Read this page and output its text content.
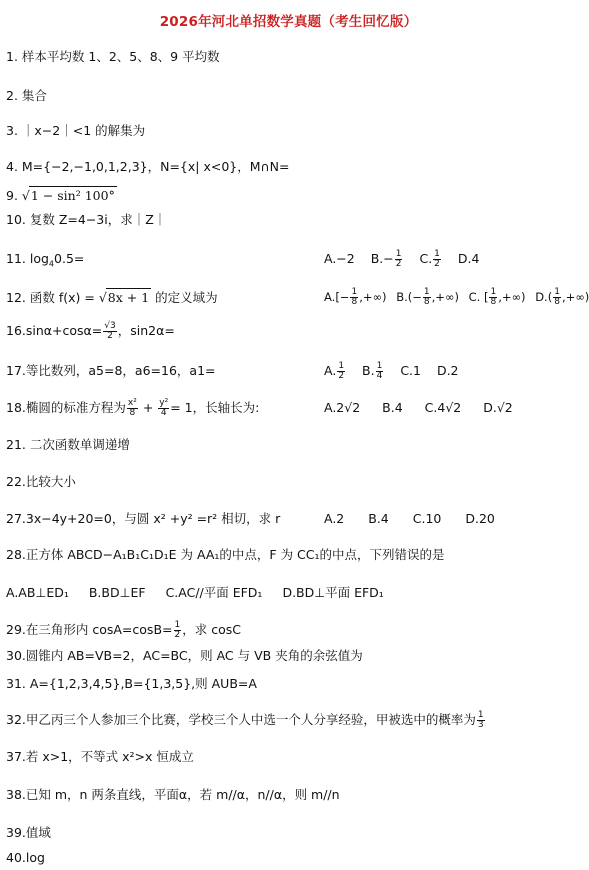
2026年河北单招数学真题（考生回忆版）
1. 样本平均数 1、2、5、8、9 平均数
2. 集合
3. ｜x−2｜<1 的解集为
4. M={−2,−1,0,1,2,3}，N={x| x<0}，M∩N=
9. √1 − sin² 100°
10. 复数 Z=4−3i，求｜Z｜
11. $\log_40.5=$	A.−2 $B.- \frac{1}{2} C$. $\frac{1}{2} D.4$
12. 函数 f(x) = √8x + 1 的定义域为	$A.[- \frac{1}{8}$ ,+∞) $B.(- \frac{1}{8}$ ,+∞) C. [ $\frac{1}{8}$ ,+∞) $D.( \frac{1}{8}$ ,+∞)
$16.\sin\alpha+\cos\alpha= \frac{√3}{2}$ ，sin2α=
17.等比数列，a5=8，a6=16，a1=	A. $\frac{1}{2} B$. $\frac{1}{4} C.1$ D.2
18.椭圆的标准方程为 $\frac{\text{x²}}{8} + \frac{\text{y²}}{4} = 1$，长轴长为:	A.2√2 B.4 C.4√2 D.√2
21. 二次函数单调递增
22.比较大小
27.3x−4y+20=0，与圆 x² +y² =r² 相切，求 r	A.2 B.4 C.10 D.20
28.正方体 ABCD−A₁B₁C₁D₁E 为 AA₁的中点，F 为 CC₁的中点，下列错误的是
A.AB⊥ED₁ B.BD⊥EF C.AC//平面 EFD₁ D.BD⊥平面 EFD₁
29.在三角形内 $\cos A=\cos B= \frac{1}{2}$ ，求 cosC
30.圆锥内 AB=VB=2，AC=BC，则 AC 与 VB 夹角的余弦值为
31. A={1,2,3,4,5},B={1,3,5},则 AUB=A
32.甲乙丙三个人参加三个比赛，学校三个人中选一个人分享经验，甲被选中的概率为 $\frac{1}{3}$
37.若 x>1，不等式 x²>x 恒成立
38.已知 m，n 两条直线，平面α，若 m//α，n//α，则 m//n
39.值域
40.log
